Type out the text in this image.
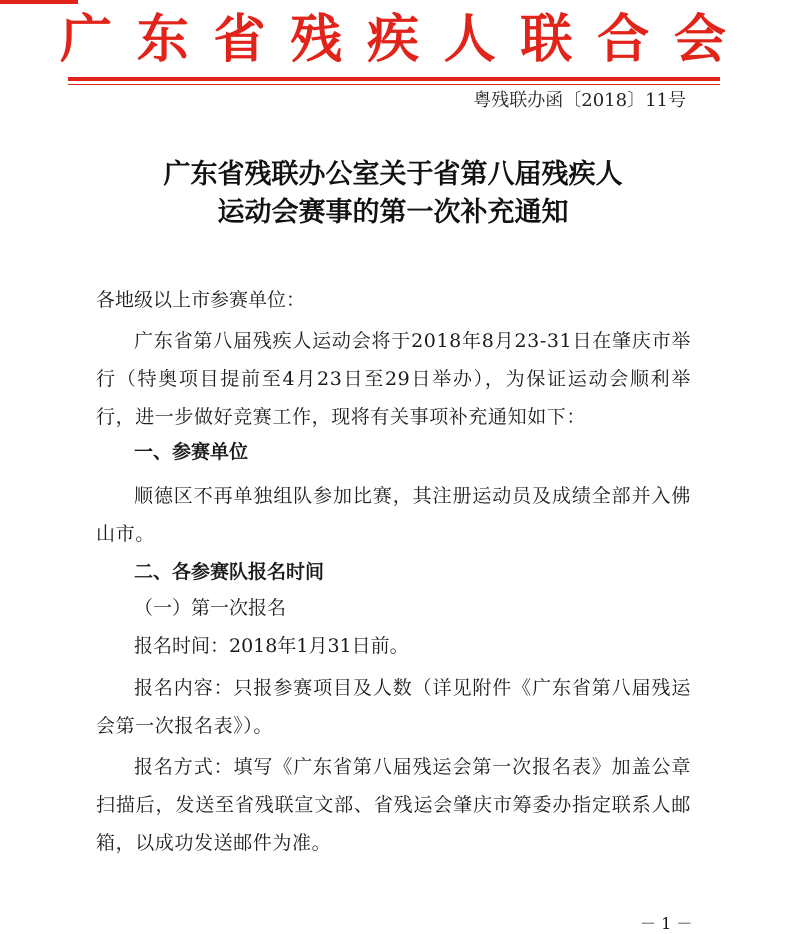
广 东 省 残 疾 人 联 合 会
粤残联办函〔2018〕11号
广东省残联办公室关于省第八届残疾人
运动会赛事的第一次补充通知
各地级以上市参赛单位：
广东省第八届残疾人运动会将于2018年8月23-31日在肇庆市举行（特奥项目提前至4月23日至29日举办），为保证运动会顺利举行，进一步做好竞赛工作，现将有关事项补充通知如下：
一、参赛单位
顺德区不再单独组队参加比赛，其注册运动员及成绩全部并入佛山市。
二、各参赛队报名时间
（一）第一次报名
报名时间：2018年1月31日前。
报名内容：只报参赛项目及人数（详见附件《广东省第八届残运会第一次报名表》）。
报名方式：填写《广东省第八届残运会第一次报名表》加盖公章扫描后，发送至省残联宣文部、省残运会肇庆市筹委办指定联系人邮箱，以成功发送邮件为准。
－ 1 －
